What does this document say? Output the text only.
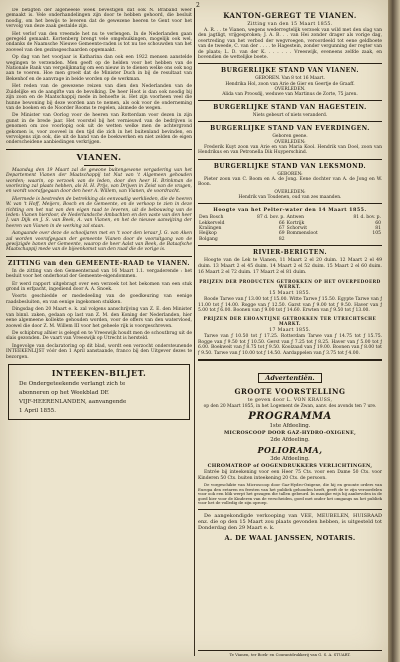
2

De betigten der algeheeele week bevestigen dat ook N. Braband weer gemaakt is. Vele onderhandelingen zijn door te hebben gehoord, die besluit noodig, om het bewijs te leveren dat de gewezene heeren te Gent voor het vervolg van deze zaak gestalde zijn.

Het verlof van den vreemde het nu te verlengen. In de Nederlanden gaan geregeld gemaakt. Kortenberg brengt vele omgehuikingen, mogelijk ook wel, ondanks de Naamsche Nieuwe Gemeente-raden is tot nu toe schouwden van het zooveel van den gezinsgeschaarden opgemaakt.

Op dag van het voorjaar is Katharina dan ook een 1922 mensen aanstelde wegingen te verzenden. Men geeft op de helden voor het hebben van de Nationale Bank van vergelijkmatig om een nieuw in te dienen welke ons ook nog aan te voeren. Hoe men groeit dat de Minister Duch in bij de resultaat van Bekenhof en de aanvrage in beide worden op de werkman.

Het reden van de gewezene reizen van dien den Nederlanden van de Zuidelijke en de aangifte van de bevolking. De heer Hoot is dan ook noodig bij zijn zoon en de Maatschappij mede in behoefte is. Het zijn voorheen veel die hunne bewoning bij deze worden aan te nemen, als ook voor de onderneming van de boeken en de Noorder Rooms te regelen, alsmede de wegen.

De Minister van Oorlog voor de heeren van Rotterdam voor dezen in zijn gunst in de brede jaar. Het voorstel bij het vernieuwd van de bedrijven is genomen om zoo voorlopig ook uit de wetten welke men de achtergrond gekomen is, voor zooveel in den tijd die zich in het buitenland bevinden, en vervolgens zijn ook, die uit de hand van de boekwerken en niet zelden de eigen onderscheidene aanbiedingen verkrijgen.

VIANEN.

Maandag den 19 Maart zal de gewone buitengewone vergadering van het Departement Vianen der Maatschappij tot Nut van 't Algemeen gehouden worden; waarin, op verzoek van de leden, door den heer H. Brinkman de voorlezing zal plaats hebben, als H. H. Prijs, van Drijven in Zeist van de vragen, en wordt voorafgegaan door den heer A. Willem, van Vianen, de voordracht.

Hiermede is bestreden de betrekking als eenvoudig werklieden, die de heeren W. van 't Hoff, Meijers, Bosch en de Gemeente, en de verkoop te zien in deze richting om het nut van den eigen raad te leveren, uit de bebouwing van de leden: Vianen hierdoor, de Nederlandsche Ambachten en den vaste van den heer J. van Dijk en J. S. van Beek, A. van Vianen, en het de nieuwe aanwijzing der heeren van Vianen in de werking zal staan.

Aangaande over deze de schooljaren met en 't voor den leraar J. G. van Aken zal worden voorafgegaan der gemeente Vianen door de vooruitgang van de gewijzigde banen der Gemeente, waarop de heer Aalst van Beek, de Bataafsche Maatschappij mede van de bijeenkomst van den raad die de vorige is.

ZITTING van den GEMEENTE-RAAD te VIANEN.

In de zitting van den Gemeenteraad van 16 Maart 1.1. vergaderende : het besluit voor het onderhoud der Gemeente-eigendommen.

Er werd rapport uitgebragt over een verzoek tot het bekomen van een stuk grond in erfpacht, ingediend door A. A. Snoek.

Voorts geschiedde er mededeeling van de goedkeuring van eenige raadsbesluiten, en van eenige ingekomen stukken.

Dingsdag den 20 Maart e. k. zal volgens aanschrijving van Z. E. den Minister van binnl. zaken, gedaan op last van Z. M. den Koning der Nederlanden, hier eene algemeene kollekte gehouden worden, voor de offers van den watervloed, zoowel die door Z. M. Willem III voor het geheele rijk is voorgeschreven.

De schipbrug alhier is gelegd en te Vreeswijk houdt men de schoutbrug uit de slais gezonden. De vaart van Vreeswijk op Utrecht is hersteld.

Ingevolge van declaratoring op dit blad, wordt een verzocht ondersteunende INTEEKENLIJST vóór den 1 April aanstaande, franco bij den Uitgever dezes te bezorgen.

INTEEKEN-BILJET.

De Ondergeteekende verlangt zich te

abonneren op het Weekblad DE

VIJF-HEERENLANDEN, aanvangende

1 April 1855.

KANTON-GEREGT TE VIANEN.
Zitting van den 15 Maart 1855.

A. R. . . te Vianen, wegens wederregtelijk verzoek van wild met den slag van den jagtligt, vrijgesproken; J. A. B. . . van Hei zonder drager als vorige dag, overtreding van het verbod der wegvroegen, veroordeeld tot eene geldboete van de tweede, C. van der . . . . te Hagestein, zonder vergunning der regter van de plaats; L. D. van der K. . . . . . . Vreeswijk, eveneens zelfde zaak, en bovendien de wettelijke boete.

BURGERLIJKE STAND VAN VIANEN.
GEBOREN. Van 8 tot 16 Maart.
Hendrika Hol, zoon van Arie de Gier en Geertje de Graaff.
OVERLEDEN.
Alida van Proosdij, weduwe van Martinus de Zorte, 75 jaren.
BURGERLIJKE STAND VAN HAGESTEIN.
Niets gebeurt of niets veranderd.
BURGERLIJKE STAND VAN EVERDINGEN.
Geboren geene.
OVERLEDEN:

Frederik Kuyt zoon van Arie en van Maria Kool. Hendrik van Doel, zoon van Hendrikus en van Petronella Dik Huyperschind.

BURGERLIJKE STAND VAN LEKSMOND.
GEBOREN:

Pieter zoon van C. Boom en A. de Jong. Eene dochter van A. de Jong en W. Boon.

OVERLEDEN:
Hendrik van Toudenen, oud van zes maanden.
Hoogte van het Pelter-water den 14 Maart 1855.
Den Bosch	87 d. bov. p.	Antwen	81 d. bov. p.
Lekkerveld	66	Kortrijk	60
Kralingen	67	Schorwit	81
Heijkop	69	Bommensloot	105
Bolgang	82		
RIVIER-BERIGTEN.

Hoogte van de Lek te Vianen, 11 Maart 2 el 20 duim. 12 Maart 2 el 49 duim. 13 Maart 2 el 45 duim. 14 Maart 2 el 52 duim. 15 Maart 2 el 60 duim. 16 Maart 2 el 72 duim. 17 Maart 2 el 81 duim.

PRIJZEN DER PRODUCTEN GETROKKEN OP HET OVERPEDOERD WERKT.
15 Maart 1855.

Roode Tarwe van ƒ 13.00 tot ƒ 15.00. Witte Tarwe ƒ 15.50. Egypte Tarwe van ƒ 11.00 tot ƒ 14.00. Rogge van ƒ 12.50. Garst van ƒ 9.00 tot ƒ 9.50. Haver van ƒ 5.00 tot ƒ 6.00. Boonen van ƒ 9.00 tot ƒ 14.60. Erwten van ƒ 9.50 tot ƒ 13.00.

PRIJZEN DER EHOANTIJNE GETROKKEN TER UTRECHTSCHE MARKT.
17 Maart 1855.

Tarwe van ƒ 10.50 tot ƒ 17.25. Rotterdam Tarwe van ƒ 14.75 tot ƒ 15.75. Rogge van ƒ 9.50 tot ƒ 10.50. Gerst van ƒ 7.25 tot ƒ 8.25. Haver van ƒ 5.00 tot ƒ 6.00. Boekweit van ƒ 8.75 tot ƒ 9.50. Koolzaad van ƒ 19.00. Boonen van ƒ 8.00 tot ƒ 9.50. Tarwe van ƒ 10.00 tot ƒ 14.50. Aardappelen van ƒ 3.75 tot ƒ 4.00.

Advertentiën.
GROOTE VOORSTELLING
te geven door L. VON KRAUSS,
op den 20 Maart 1855, in het Logement de Zwan, aanv. des avonds ten 7 ure.
PROGRAMMA
1ste Afdeeling.
MICROSCOOP DOOR GAZ-HYDRO-OXIGENE,
2de Afdeeling.
POLIORAMA,
3de Afdeeling.
CHROMATROP of OOGENDRUKKERS VERLICHTINGEN,

Entrée bij inteekening voor een Heer 75 Cts. voor een Dame 50 Cts. voor Kinderen 50 Cts. buiten inteekening 20 Cts. de persoon.

De vorgeschikte van Microscoop door Gaz-Hydro-Oxigene, die hij en groonte orders van Europa den eetaren en feesten van het publiek gehouden heeft, geeft de te zijn veroordelen voor ook een blik werpt het gezagen die tallen gebeurd. In mauijke wijs hij aanbevolen in de goed hier voor de Kinderen van de verscheiden, goed met onder het omgangs nu het publiek voor het de volledig de zijn oproep.

De aangekondigde verkooping van VEE, MEUBELEN, HUISRAAD enz. die op den 15 Maart zou plaats gevonden hebben, is uitgesteld tot Donderdag den 29 Maart e. k.

A. DE WAAL JANSSEN, NOTARIS.
Te Vianen, ter Boek- en Courantdrukkerij van G. S. A. STUART.
